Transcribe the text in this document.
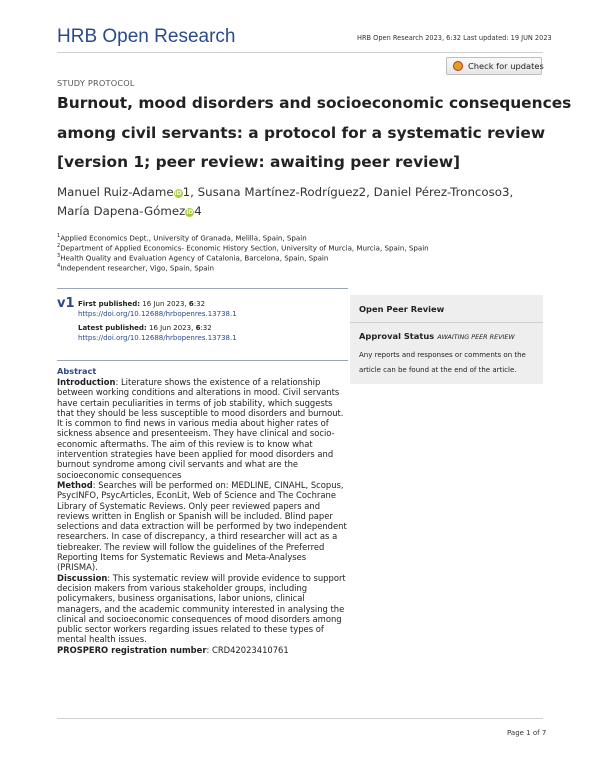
HRB Open Research	HRB Open Research 2023, 6:32 Last updated: 19 JUN 2023
STUDY PROTOCOL
Check for updates
Burnout, mood disorders and socioeconomic consequences
among civil servants: a protocol for a systematic review
[version 1; peer review: awaiting peer review]
Manuel Ruiz-AdameiD1, Susana Martínez-Rodríguez2, Daniel Pérez-Troncoso3,
María Dapena-GómeziD4
$^1$Applied Economics Dept., University of Granada, Melilla, Spain, Spain
$^2$Department of Applied Economics- Economic History Section, University of Murcia, Murcia, Spain, Spain
$^3$Health Quality and Evaluation Agency of Catalonia, Barcelona, Spain, Spain
$^4$Independent researcher, Vigo, Spain, Spain
v1 First published: 16 Jun 2023, 6:32
https://doi.org/10.12688/hrbopenres.13738.1
Latest published: 16 Jun 2023, 6:32
https://doi.org/10.12688/hrbopenres.13738.1
Open Peer Review
Approval Status AWAITING PEER REVIEW
Any reports and responses or comments on the article can be found at the end of the article.
Abstract

Introduction: Literature shows the existence of a relationship between working conditions and alterations in mood. Civil servants have certain peculiarities in terms of job stability, which suggests that they should be less susceptible to mood disorders and burnout. It is common to find news in various media about higher rates of sickness absence and presenteeism. They have clinical and socio-economic aftermaths. The aim of this review is to know what intervention strategies have been applied for mood disorders and burnout syndrome among civil servants and what are the socioeconomic consequences

Method: Searches will be performed on: MEDLINE, CINAHL, Scopus, PsycINFO, PsycArticles, EconLit, Web of Science and The Cochrane Library of Systematic Reviews. Only peer reviewed papers and reviews written in English or Spanish will be included. Blind paper selections and data extraction will be performed by two independent researchers. In case of discrepancy, a third researcher will act as a tiebreaker. The review will follow the guidelines of the Preferred Reporting Items for Systematic Reviews and Meta-Analyses (PRISMA).

Discussion: This systematic review will provide evidence to support decision makers from various stakeholder groups, including policymakers, business organisations, labor unions, clinical managers, and the academic community interested in analysing the clinical and socioeconomic consequences of mood disorders among public sector workers regarding issues related to these types of mental health issues.

PROSPERO registration number: CRD42023410761

Page 1 of 7
